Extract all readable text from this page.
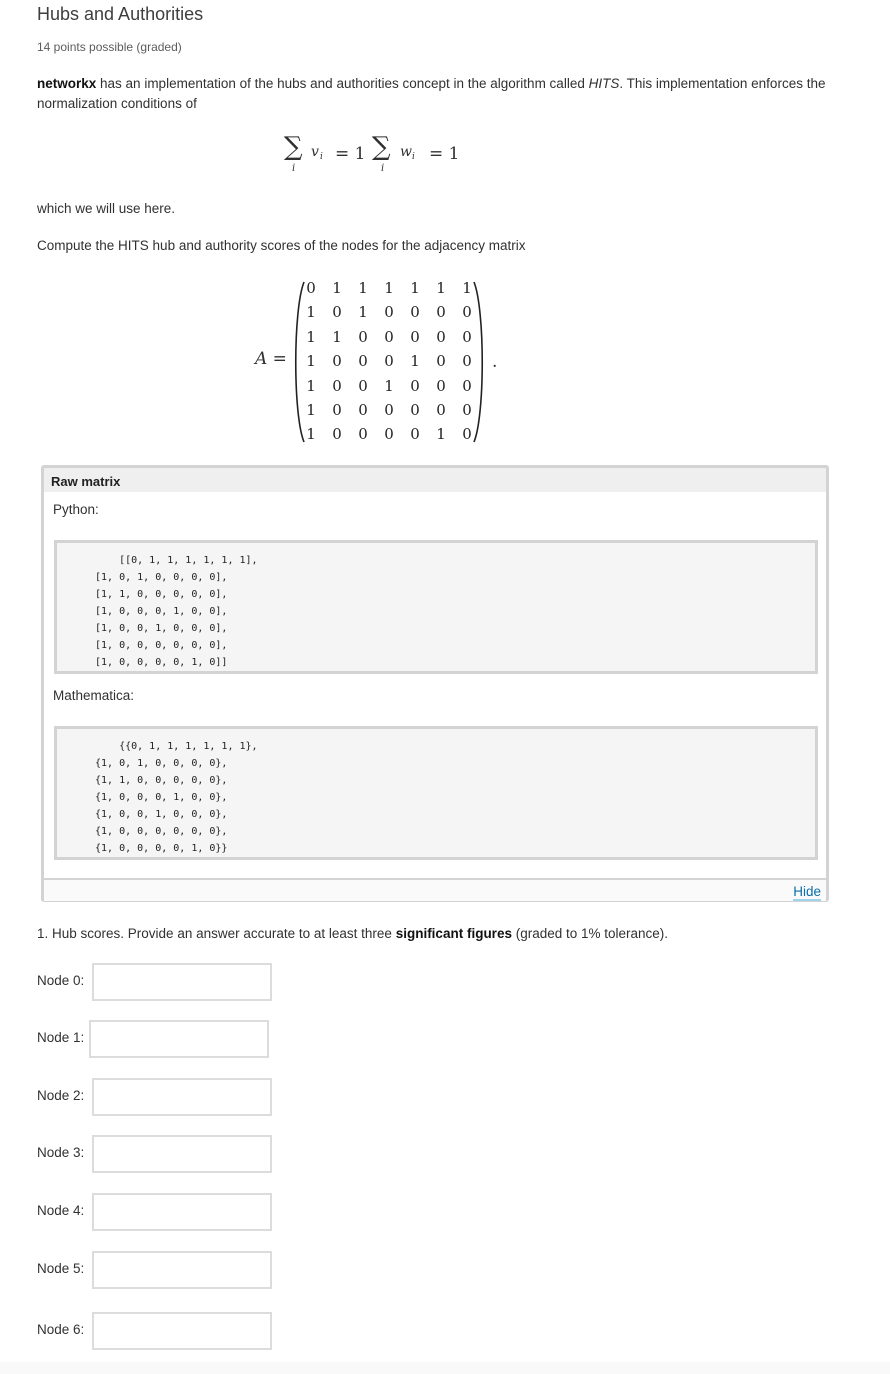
Hubs and Authorities
14 points possible (graded)
networkx has an implementation of the hubs and authorities concept in the algorithm called HITS. This implementation enforces the normalization conditions of
∑
i
v i = 1 ∑
i
w i = 1
which we will use here.
Compute the HITS hub and authority scores of the nodes for the adjacency matrix
A =	.
0 1 1 1 1 1 1
1 0 1 0 0 0 0
1 1 0 0 0 0 0
1 0 0 0 1 0 0
1 0 0 1 0 0 0
1 0 0 0 0 0 0
1 0 0 0 0 1 0
Raw matrix
Hide
Python:
[[0, 1, 1, 1, 1, 1, 1],
[1, 0, 1, 0, 0, 0, 0],
[1, 1, 0, 0, 0, 0, 0],
[1, 0, 0, 0, 1, 0, 0],
[1, 0, 0, 1, 0, 0, 0],
[1, 0, 0, 0, 0, 0, 0],
[1, 0, 0, 0, 0, 1, 0]]
Mathematica:
{{0, 1, 1, 1, 1, 1, 1},
{1, 0, 1, 0, 0, 0, 0},
{1, 1, 0, 0, 0, 0, 0},
{1, 0, 0, 0, 1, 0, 0},
{1, 0, 0, 1, 0, 0, 0},
{1, 0, 0, 0, 0, 0, 0},
{1, 0, 0, 0, 0, 1, 0}}
1. Hub scores. Provide an answer accurate to at least three significant figures (graded to 1% tolerance).
Node 0:
Node 1:
Node 2:
Node 3:
Node 4:
Node 5:
Node 6:
